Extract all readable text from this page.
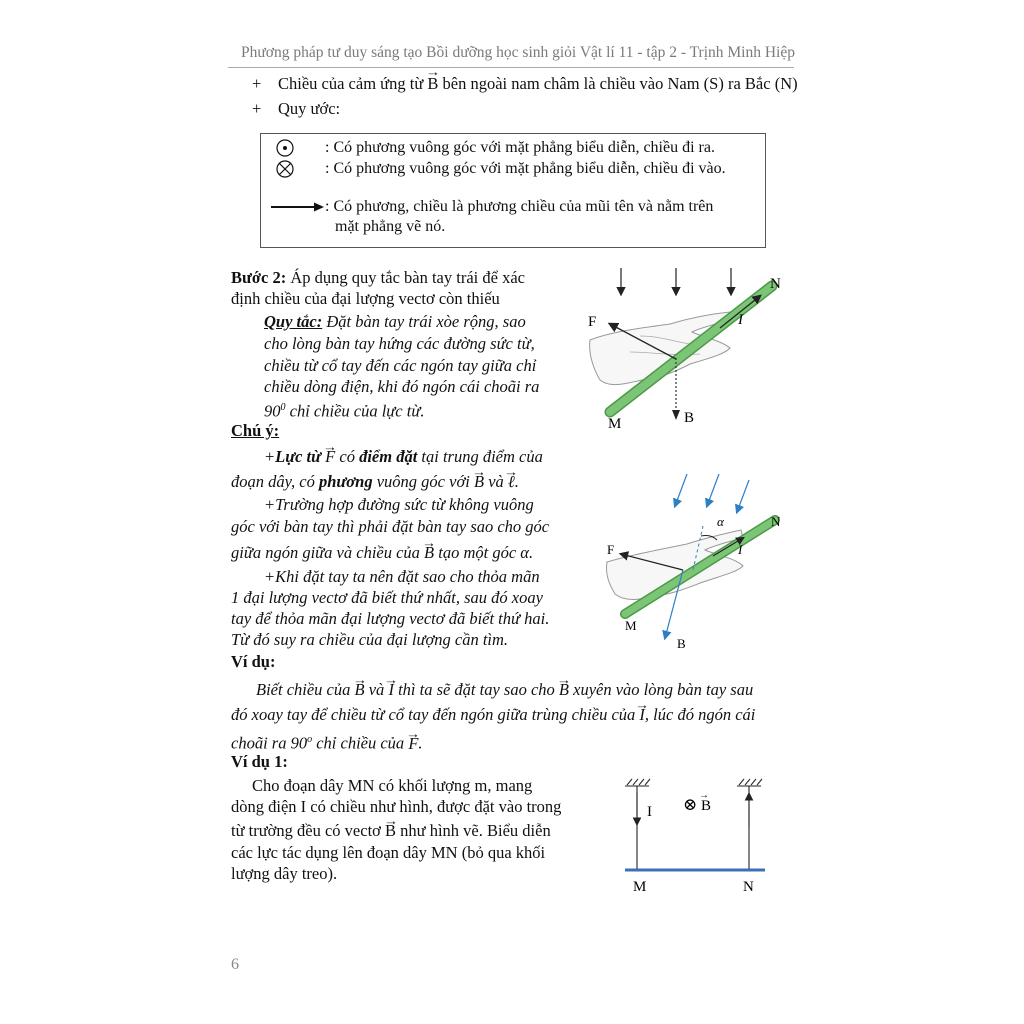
Phương pháp tư duy sáng tạo Bồi dưỡng học sinh giỏi Vật lí 11 - tập 2 - Trịnh Minh Hiệp
+ Chiều của cảm ứng từ → B bên ngoài nam châm là chiều vào Nam (S) ra Bắc (N)
+ Quy ước:
: Có phương vuông góc với mặt phẳng biểu diễn, chiều đi ra.
: Có phương vuông góc với mặt phẳng biểu diễn, chiều đi vào.
: Có phương, chiều là phương chiều của mũi tên và nằm trên
mặt phẳng vẽ nó.
Bước 2: Áp dụng quy tắc bàn tay trái để xác
định chiều của đại lượng vectơ còn thiếu
Quy tắc: Đặt bàn tay trái xòe rộng, sao
cho lòng bàn tay hứng các đường sức từ,
chiều từ cổ tay đến các ngón tay giữa chỉ
chiều dòng điện, khi đó ngón cái choãi ra
$90^0$ chỉ chiều của lực từ.
Chú ý:
+Lực từ → F có điểm đặt tại trung điểm của
đoạn dây, có phương vuông góc với → B và → ℓ.
+Trường hợp đường sức từ không vuông
góc với bàn tay thì phải đặt bàn tay sao cho góc
giữa ngón giữa và chiều của → B tạo một góc α.
+Khi đặt tay ta nên đặt sao cho thỏa mãn
1 đại lượng vectơ đã biết thứ nhất, sau đó xoay
tay để thỏa mãn đại lượng vectơ đã biết thứ hai.
Từ đó suy ra chiều của đại lượng cần tìm.
Ví dụ:
Biết chiều của → B và → I thì ta sẽ đặt tay sao cho → B xuyên vào lòng bàn tay sau
đó xoay tay để chiều từ cổ tay đến ngón giữa trùng chiều của → I, lúc đó ngón cái
choãi ra 90$^o$ chỉ chiều của → F.
Ví dụ 1:
Cho đoạn dây MN có khối lượng m, mang
dòng điện I có chiều như hình, được đặt vào trong
từ trường đều có vectơ → B như hình vẽ. Biểu diễn
các lực tác dụng lên đoạn dây MN (bỏ qua khối
lượng dây treo).
N
M
F	I
B
N
M
F	I
B
α
I ⊗ B
→
M	N
6
